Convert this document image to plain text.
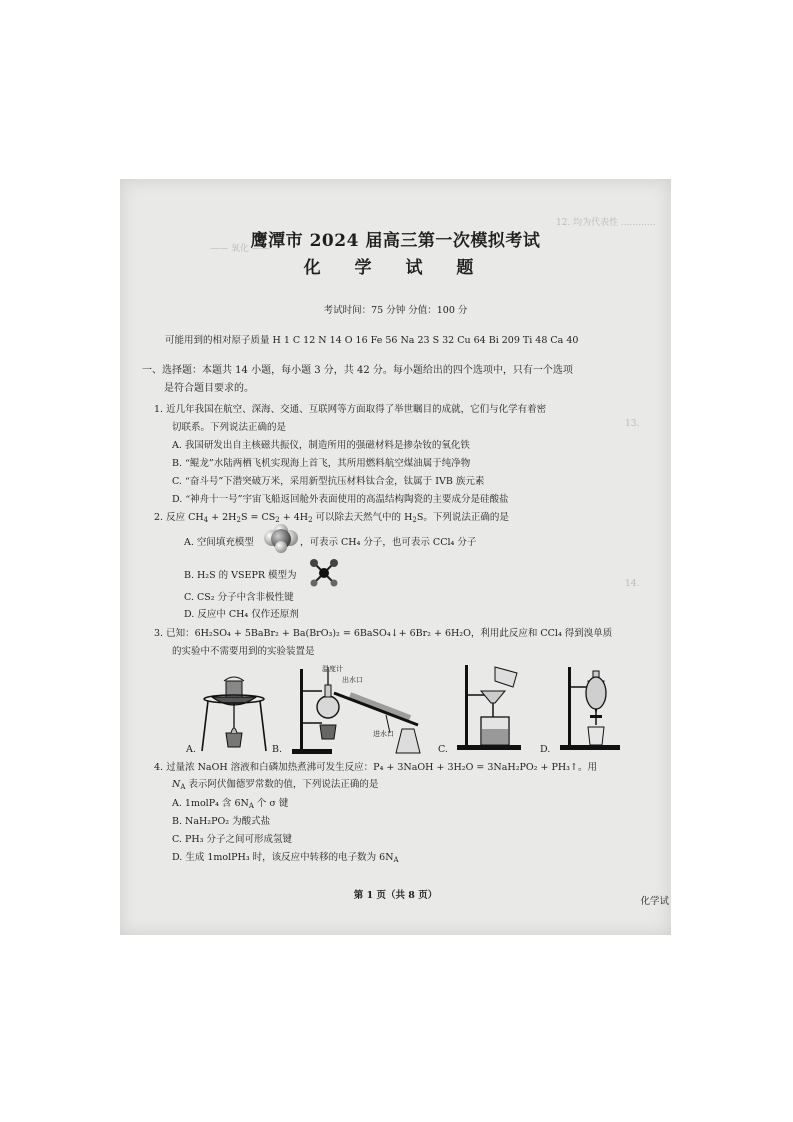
12. 均为代表性 ............
—— 氧化 ——
14.
13.
鹰潭市 2024 届高三第一次模拟考试
化 学 试 题
考试时间：75 分钟 分值：100 分
可能用到的相对原子质量 H 1 C 12 N 14 O 16 Fe 56 Na 23 S 32 Cu 64 Bi 209 Ti 48 Ca 40
一、选择题：本题共 14 小题，每小题 3 分，共 42 分。每小题给出的四个选项中，只有一个选项
是符合题目要求的。
1. 近几年我国在航空、深海、交通、互联网等方面取得了举世瞩目的成就，它们与化学有着密
切联系。下列说法正确的是
A. 我国研发出自主核磁共振仪，制造所用的强磁材料是掺杂钕的氧化铁
B. “鲲龙”水陆两栖飞机实现海上首飞，其所用燃料航空煤油属于纯净物
C. “奋斗号”下潜突破万米，采用新型抗压材料钛合金，钛属于 IVB 族元素
D. “神舟十一号”宇宙飞船返回舱外表面使用的高温结构陶瓷的主要成分是硅酸盐
2. 反应 $CH_4 + 2H_2S = CS_2 + 4H_2$ 可以除去天然气中的 $H_2S$。下列说法正确的是
A. 空间填充模型	，可表示 CH₄ 分子，也可表示 CCl₄ 分子
B. H₂S 的 VSEPR 模型为
C. CS₂ 分子中含非极性键
D. 反应中 CH₄ 仅作还原剂
3. 已知：6H₂SO₄ + 5BaBr₂ + Ba(BrO₃)₂ = 6BaSO₄↓+ 6Br₂ + 6H₂O，利用此反应和 CCl₄ 得到溴单质
的实验中不需要用到的实验装置是
A.	B.
温度计
出水口
进水口
C.	D.
4. 过量浓 NaOH 溶液和白磷加热煮沸可发生反应：P₄ + 3NaOH + 3H₂O = 3NaH₂PO₂ + PH₃↑。用
$N_A$ 表示阿伏伽德罗常数的值，下列说法正确的是
A. 1molP₄ 含 $6N_A$ 个 σ 键
B. NaH₂PO₂ 为酸式盐
C. PH₃ 分子之间可形成氢键
D. 生成 1molPH₃ 时，该反应中转移的电子数为 $6N_A$
第 1 页（共 8 页）
化学试
